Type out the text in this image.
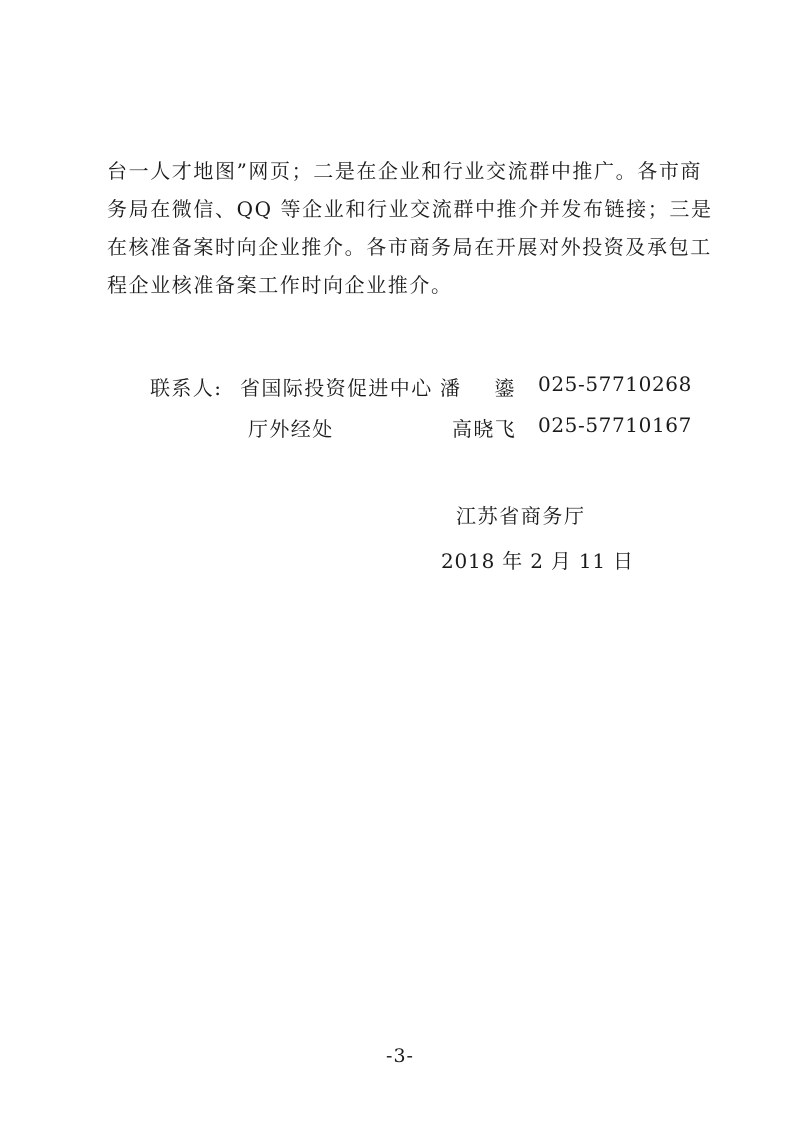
台一人才地图”网页；二是在企业和行业交流群中推广。各市商
务局在微信、QQ 等企业和行业交流群中推介并发布链接；三是
在核准备案时向企业推介。各市商务局在开展对外投资及承包工
程企业核准备案工作时向企业推介。
联系人: 省国际投资促进中心 潘 鎏 025-57710268
厅外经处	高晓飞 025-57710167
江苏省商务厅
2018 年 2 月 11 日
-3-
